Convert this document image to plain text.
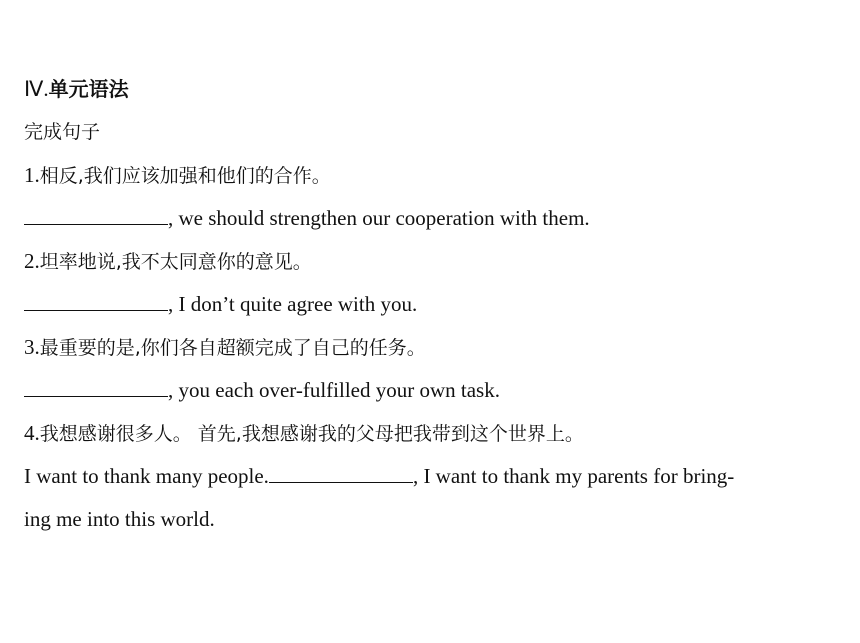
Ⅳ.单元语法
完成句子
1.相反,我们应该加强和他们的合作。
, we should strengthen our cooperation with them.
2.坦率地说,我不太同意你的意见。
, I don’t quite agree with you.
3.最重要的是,你们各自超额完成了自己的任务。
, you each over-fulfilled your own task.
4.我想感谢很多人。 首先,我想感谢我的父母把我带到这个世界上。
I want to thank many people.	, I want to thank my parents for bring-
ing me into this world.
